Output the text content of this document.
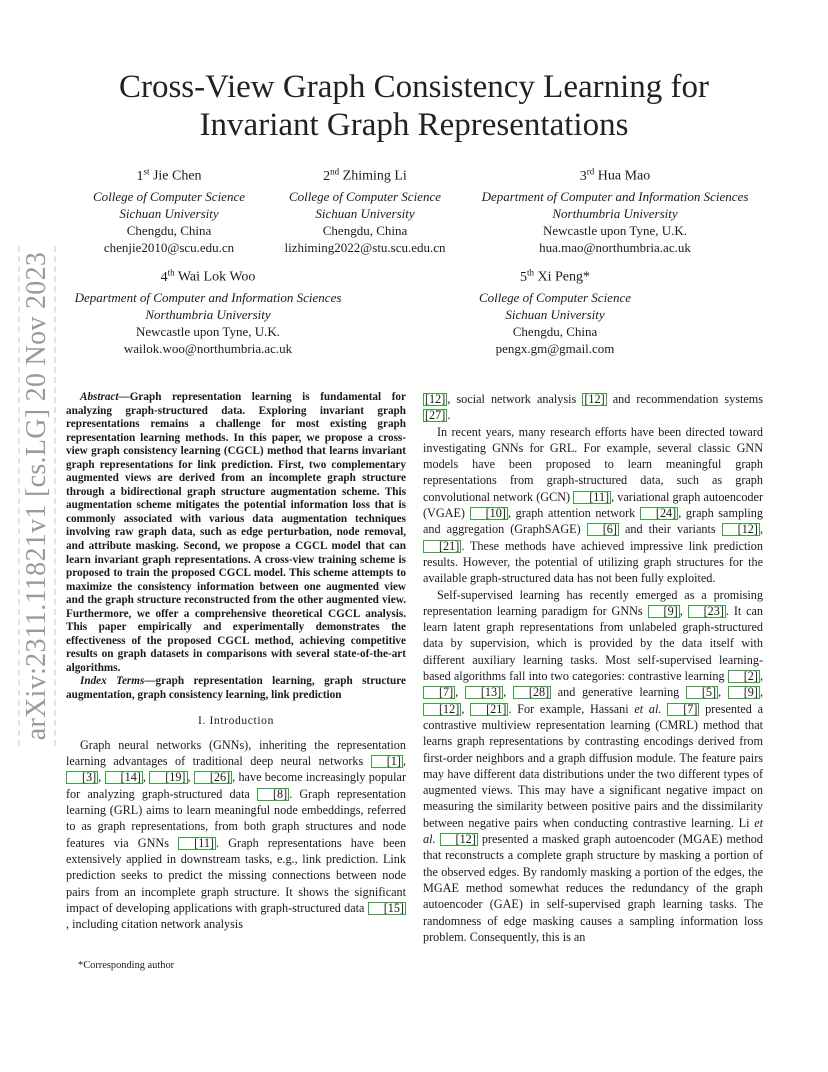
arXiv:2311.11821v1 [cs.LG] 20 Nov 2023
Cross-View Graph Consistency Learning for Invariant Graph Representations
1st Jie Chen
College of Computer Science
Sichuan University
Chengdu, China
chenjie2010@scu.edu.cn
2nd Zhiming Li
College of Computer Science
Sichuan University
Chengdu, China
lizhiming2022@stu.scu.edu.cn
3rd Hua Mao
Department of Computer and Information Sciences
Northumbria University
Newcastle upon Tyne, U.K.
hua.mao@northumbria.ac.uk
4th Wai Lok Woo
Department of Computer and Information Sciences
Northumbria University
Newcastle upon Tyne, U.K.
wailok.woo@northumbria.ac.uk
5th Xi Peng*
College of Computer Science
Sichuan University
Chengdu, China
pengx.gm@gmail.com

Abstract—Graph representation learning is fundamental for analyzing graph-structured data. Exploring invariant graph representations remains a challenge for most existing graph representation learning methods. In this paper, we propose a cross-view graph consistency learning (CGCL) method that learns invariant graph representations for link prediction. First, two complementary augmented views are derived from an incomplete graph structure through a bidirectional graph structure augmentation scheme. This augmentation scheme mitigates the potential information loss that is commonly associated with various data augmentation techniques involving raw graph data, such as edge perturbation, node removal, and attribute masking. Second, we propose a CGCL model that can learn invariant graph representations. A cross-view training scheme is proposed to train the proposed CGCL model. This scheme attempts to maximize the consistency information between one augmented view and the graph structure reconstructed from the other augmented view. Furthermore, we offer a comprehensive theoretical CGCL analysis. This paper empirically and experimentally demonstrates the effectiveness of the proposed CGCL method, achieving competitive results on graph datasets in comparisons with several state-of-the-art algorithms.

Index Terms—graph representation learning, graph structure augmentation, graph consistency learning, link prediction

I. Introduction

Graph neural networks (GNNs), inheriting the representation learning advantages of traditional deep neural networks [1] , [3] , [14] , [19] , [26] , have become increasingly popular for analyzing graph-structured data [8] . Graph representation learning (GRL) aims to learn meaningful node embeddings, referred to as graph representations, from both graph structures and node features via GNNs [11] . Graph representations have been extensively applied in downstream tasks, e.g., link prediction. Link prediction seeks to predict the missing connections between node pairs from an incomplete graph structure. It shows the significant impact of developing applications with graph-structured data [15], including citation network analysis

[12] , social network analysis [12] and recommendation systems [27] .

In recent years, many research efforts have been directed toward investigating GNNs for GRL. For example, several classic GNN models have been proposed to learn meaningful graph representations from graph-structured data, such as graph convolutional network (GCN) [11] , variational graph autoencoder (VGAE) [10] , graph attention network [24] , graph sampling and aggregation (GraphSAGE) [6] and their variants [12] , [21] . These methods have achieved impressive link prediction results. However, the potential of utilizing graph structures for the available graph-structured data has not been fully exploited.

Self-supervised learning has recently emerged as a promising representation learning paradigm for GNNs [9] , [23] . It can learn latent graph representations from unlabeled graph-structured data by supervision, which is provided by the data itself with different auxiliary learning tasks. Most self-supervised learning-based algorithms fall into two categories: contrastive learning [2] , [7] , [13] , [28] and generative learning [5] , [9] , [12] , [21] . For example, Hassani et al. [7] presented a contrastive multiview representation learning (CMRL) method that learns graph representations by contrasting encodings derived from first-order neighbors and a graph diffusion module. The feature pairs may have different data distributions under the two different types of augmented views. This may have a significant negative impact on measuring the similarity between positive pairs and the dissimilarity between negative pairs when conducting contrastive learning. Li et al. [12] presented a masked graph autoencoder (MGAE) method that reconstructs a complete graph structure by masking a portion of the observed edges. By randomly masking a portion of the edges, the MGAE method somewhat reduces the redundancy of the graph autoencoder (GAE) in self-supervised graph learning tasks. The randomness of edge masking causes a sampling information loss problem. Consequently, this is an

*Corresponding author
